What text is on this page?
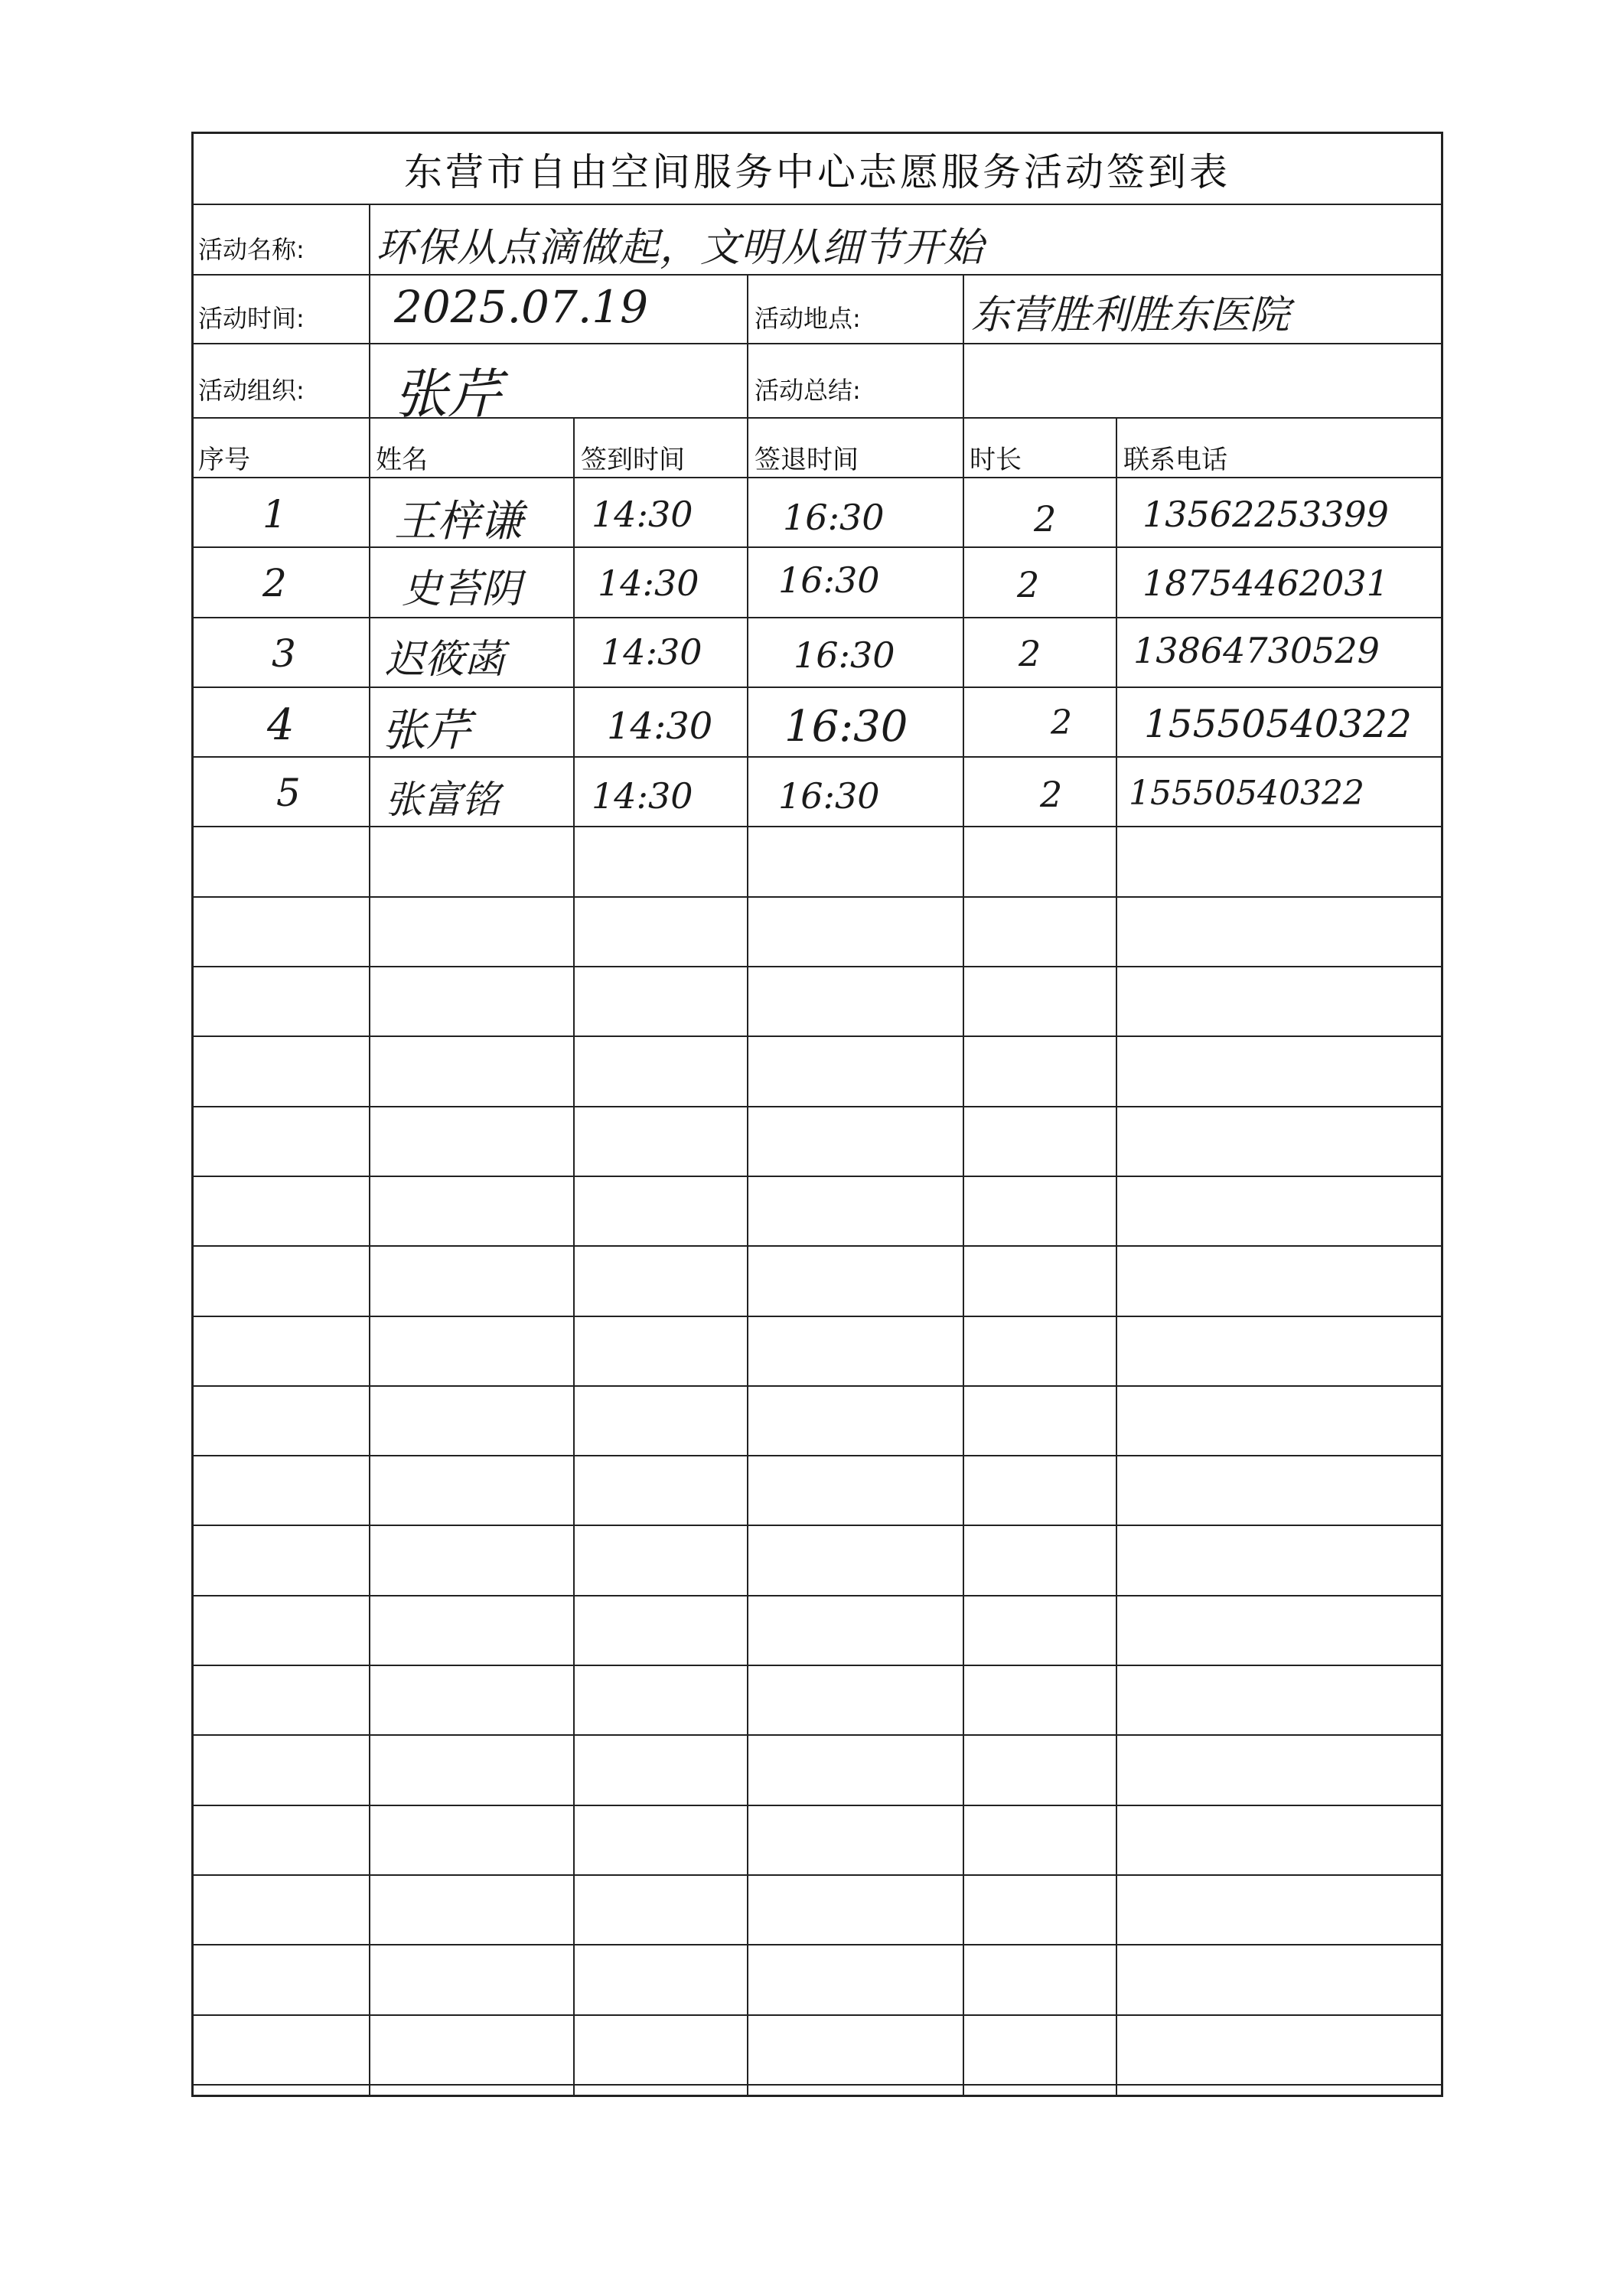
东营市自由空间服务中心志愿服务活动签到表
活动名称: 环保从点滴做起，文明从细节开始
活动时间: 2025.07.19	活动地点:	东营胜利胜东医院
活动组织: 张芹	活动总结:
序号	姓名	签到时间	签退时间	时长	联系电话
1	王梓谦 14:30	16:30	2 13562253399
2	史苔阴 14:30 16:30	2	18754462031
3 迟筱菡	14:30	16:30	2	13864730529
4 张芹	14:30 16:30	2 15550540322
5 张富铭	14:30 16:30	2 15550540322
